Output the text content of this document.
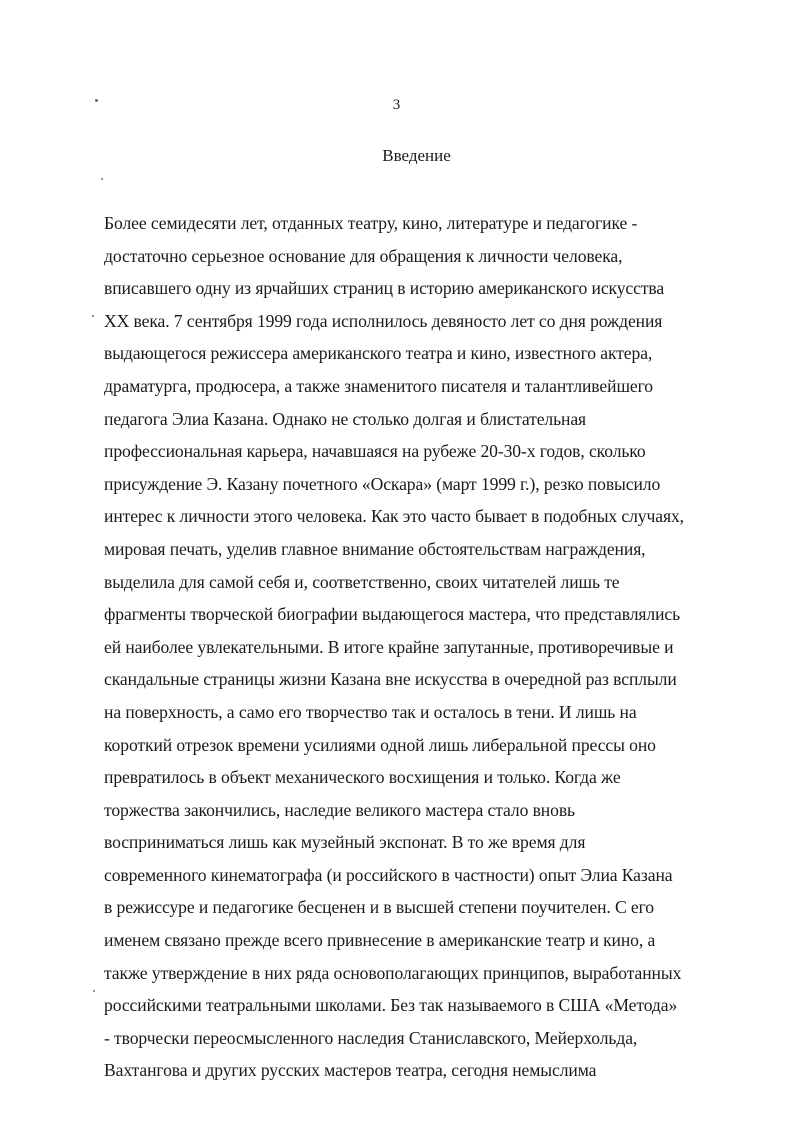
3
Введение
Более семидесяти лет, отданных театру, кино, литературе и педагогике -
достаточно серьезное основание для обращения к личности человека,
вписавшего одну из ярчайших страниц в историю американского искусства
XX века. 7 сентября 1999 года исполнилось девяносто лет со дня рождения
выдающегося режиссера американского театра и кино, известного актера,
драматурга, продюсера, а также знаменитого писателя и талантливейшего
педагога Элиа Казана. Однако не столько долгая и блистательная
профессиональная карьера, начавшаяся на рубеже 20-30-х годов, сколько
присуждение Э. Казану почетного «Оскара» (март 1999 г.), резко повысило
интерес к личности этого человека. Как это часто бывает в подобных случаях,
мировая печать, уделив главное внимание обстоятельствам награждения,
выделила для самой себя и, соответственно, своих читателей лишь те
фрагменты творческой биографии выдающегося мастера, что представлялись
ей наиболее увлекательными. В итоге крайне запутанные, противоречивые и
скандальные страницы жизни Казана вне искусства в очередной раз всплыли
на поверхность, а само его творчество так и осталось в тени. И лишь на
короткий отрезок времени усилиями одной лишь либеральной прессы оно
превратилось в объект механического восхищения и только. Когда же
торжества закончились, наследие великого мастера стало вновь
восприниматься лишь как музейный экспонат. В то же время для
современного кинематографа (и российского в частности) опыт Элиа Казана
в режиссуре и педагогике бесценен и в высшей степени поучителен. С его
именем связано прежде всего привнесение в американские театр и кино, а
также утверждение в них ряда основополагающих принципов, выработанных
российскими театральными школами. Без так называемого в США «Метода»
- творчески переосмысленного наследия Станиславского, Мейерхольда,
Вахтангова и других русских мастеров театра, сегодня немыслима
